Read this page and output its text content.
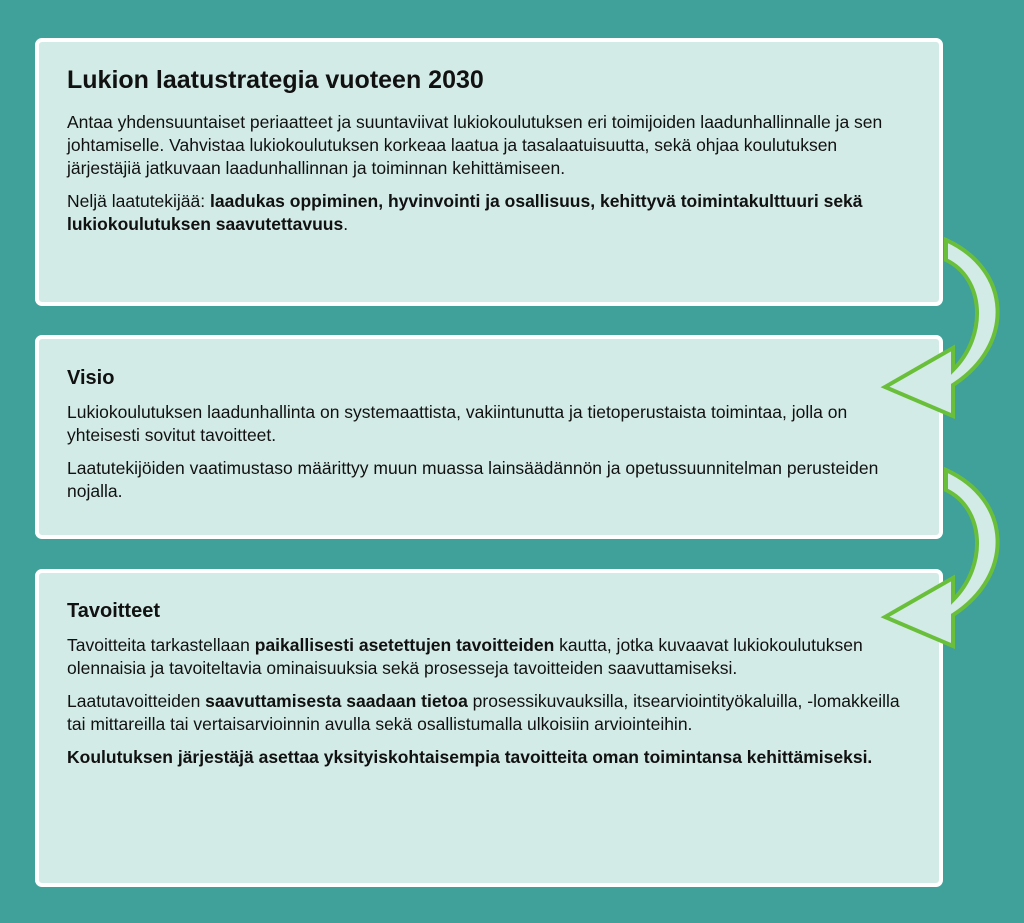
Lukion laatustrategia vuoteen 2030

Antaa yhdensuuntaiset periaatteet ja suuntaviivat lukiokoulutuksen eri toimijoiden laadunhallinnalle ja sen johtamiselle. Vahvistaa lukiokoulutuksen korkeaa laatua ja tasalaatuisuutta, sekä ohjaa koulutuksen järjestäjiä jatkuvaan laadunhallinnan ja toiminnan kehittämiseen.

Neljä laatutekijää: laadukas oppiminen, hyvinvointi ja osallisuus, kehittyvä toimintakulttuuri sekä lukiokoulutuksen saavutettavuus.

Visio

Lukiokoulutuksen laadunhallinta on systemaattista, vakiintunutta ja tietoperustaista toimintaa, jolla on yhteisesti sovitut tavoitteet.

Laatutekijöiden vaatimustaso määrittyy muun muassa lainsäädännön ja opetussuunnitelman perusteiden nojalla.

Tavoitteet

Tavoitteita tarkastellaan paikallisesti asetettujen tavoitteiden kautta, jotka kuvaavat lukiokoulutuksen olennaisia ja tavoiteltavia ominaisuuksia sekä prosesseja tavoitteiden saavuttamiseksi.

Laatutavoitteiden saavuttamisesta saadaan tietoa prosessikuvauksilla, itsearviointityökaluilla, -lomakkeilla tai mittareilla tai vertaisarvioinnin avulla sekä osallistumalla ulkoisiin arviointeihin.

Koulutuksen järjestäjä asettaa yksityiskohtaisempia tavoitteita oman toimintansa kehittämiseksi.
